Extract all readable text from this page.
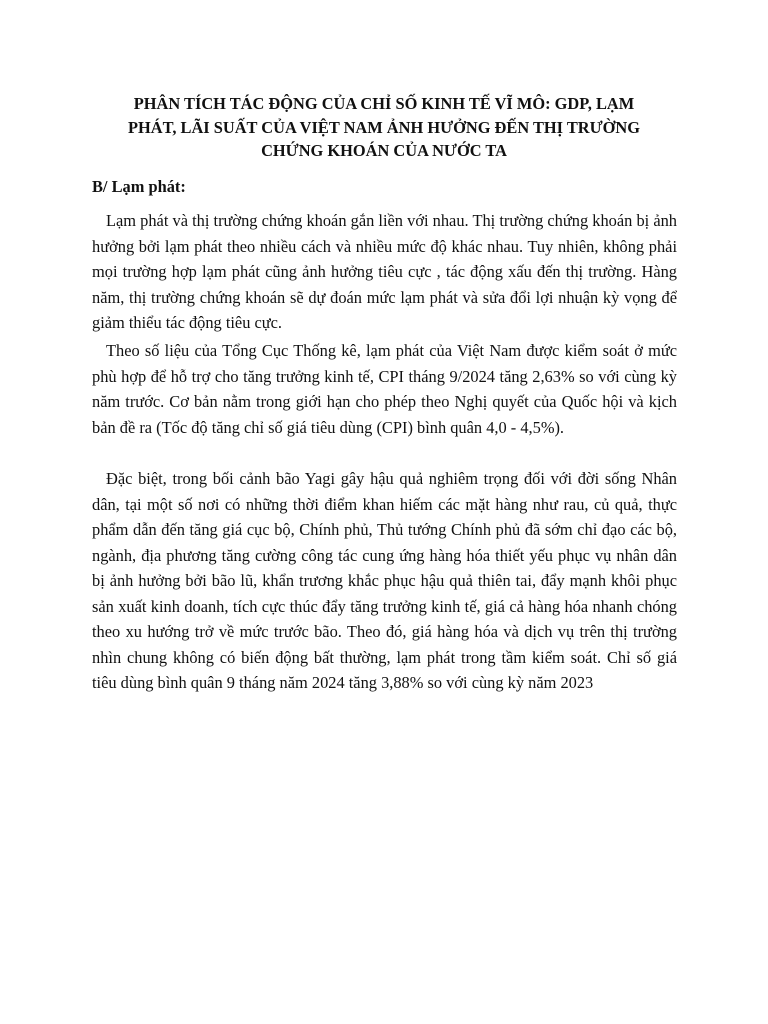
PHÂN TÍCH TÁC ĐỘNG CỦA CHỈ SỐ KINH TẾ VĨ MÔ: GDP, LẠM
PHÁT, LÃI SUẤT CỦA VIỆT NAM ẢNH HƯỞNG ĐẾN THỊ TRƯỜNG
CHỨNG KHOÁN CỦA NƯỚC TA
B/ Lạm phát:

Lạm phát và thị trường chứng khoán gắn liền với nhau. Thị trường chứng khoán bị ảnh hưởng bởi lạm phát theo nhiều cách và nhiều mức độ khác nhau. Tuy nhiên, không phải mọi trường hợp lạm phát cũng ảnh hưởng tiêu cực , tác động xấu đến thị trường. Hàng năm, thị trường chứng khoán sẽ dự đoán mức lạm phát và sửa đổi lợi nhuận kỳ vọng để giảm thiểu tác động tiêu cực.

Theo số liệu của Tổng Cục Thống kê, lạm phát của Việt Nam được kiểm soát ở mức phù hợp để hỗ trợ cho tăng trưởng kinh tế, CPI tháng 9/2024 tăng 2,63% so với cùng kỳ năm trước. Cơ bản nằm trong giới hạn cho phép theo Nghị quyết của Quốc hội và kịch bản đề ra (Tốc độ tăng chỉ số giá tiêu dùng (CPI) bình quân 4,0 - 4,5%).

Đặc biệt, trong bối cảnh bão Yagi gây hậu quả nghiêm trọng đối với đời sống Nhân dân, tại một số nơi có những thời điểm khan hiếm các mặt hàng như rau, củ quả, thực phẩm dẫn đến tăng giá cục bộ, Chính phủ, Thủ tướng Chính phủ đã sớm chỉ đạo các bộ, ngành, địa phương tăng cường công tác cung ứng hàng hóa thiết yếu phục vụ nhân dân bị ảnh hưởng bởi bão lũ, khẩn trương khắc phục hậu quả thiên tai, đẩy mạnh khôi phục sản xuất kinh doanh, tích cực thúc đẩy tăng trưởng kinh tế, giá cả hàng hóa nhanh chóng theo xu hướng trở về mức trước bão. Theo đó, giá hàng hóa và dịch vụ trên thị trường nhìn chung không có biến động bất thường, lạm phát trong tầm kiểm soát. Chỉ số giá tiêu dùng bình quân 9 tháng năm 2024 tăng 3,88% so với cùng kỳ năm 2023
